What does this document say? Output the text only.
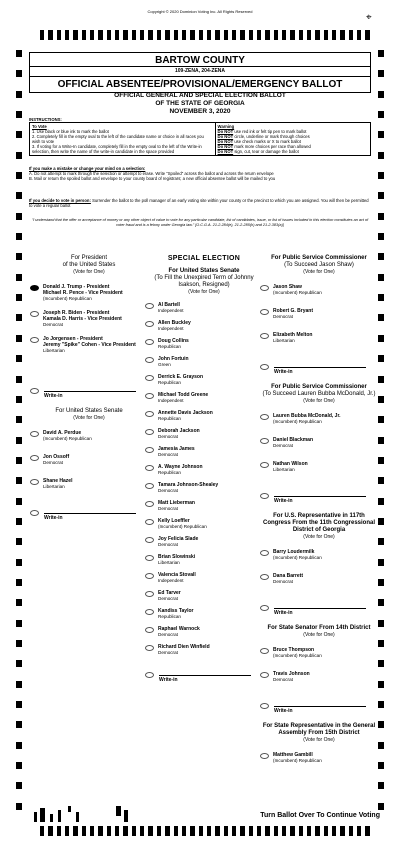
Copyright © 2020 Dominion Voting Inc. All Rights Reserved
⌖
BARTOW COUNTY
109-ZENA, 204-ZENA
OFFICIAL ABSENTEE/PROVISIONAL/EMERGENCY BALLOT
OFFICIAL GENERAL AND SPECIAL ELECTION BALLOT
OF THE STATE OF GEORGIA
NOVEMBER 3, 2020
INSTRUCTIONS:
To Vote
1. Use black or blue ink to mark the ballot
2. Completely fill in the empty oval to the left of the candidate name or choice in all races you wish to vote
3. If voting for a Write-In candidate, completely fill in the empty oval to the left of the Write-in selection, then write the name of the write-in candidate in the space provided
Warning
Do NOT use red ink or felt tip pen to mark ballot
Do NOT circle, underline or mark through choices
Do NOT use check marks or X to mark ballot
Do NOT mark more choices per race than allowed
Do NOT sign, cut, tear or damage the ballot
If you make a mistake or change your mind on a selection:
A. Do not attempt to mark through the selection or attempt to erase. Write "Spoiled" across the ballot and across the return envelope
B. Mail or return the spoiled ballot and envelope to your county board of registrars; a new official absentee ballot will be mailed to you
If you decide to vote in person: Surrender the ballot to the poll manager of an early voting site within your county or the precinct to which you are assigned. You will then be permitted to vote a regular ballot
"I understand that the offer or acceptance of money or any other object of value to vote for any particular candidate, list of candidates, issue, or list of issues included in this election constitutes an act of voter fraud and is a felony under Georgia law." [O.C.G.A. 21-2-284(e), 21-2-285(h) and 21-2-383(a)]
For President
of the United States
(Vote for One)
Donald J. Trump - President
Michael R. Pence - Vice President
(Incumbent) Republican
Joseph R. Biden - President
Kamala D. Harris - Vice President
Democrat
Jo Jorgensen - President
Jeremy "Spike" Cohen - Vice President
Libertarian
Write-in
For United States Senate
(Vote for One)
David A. Perdue
(Incumbent) Republican
Jon Ossoff
Democrat
Shane Hazel
Libertarian
Write-in
SPECIAL ELECTION
For United States Senate
(To Fill the Unexpired Term of Johnny Isakson, Resigned)
(Vote for One)
Al Bartell
Independent
Allen Buckley
Independent
Doug Collins
Republican
John Fortuin
Green
Derrick E. Grayson
Republican
Michael Todd Greene
Independent
Annette Davis Jackson
Republican
Deborah Jackson
Democrat
Jamesia James
Democrat
A. Wayne Johnson
Republican
Tamara Johnson-Shealey
Democrat
Matt Lieberman
Democrat
Kelly Loeffler
(Incumbent) Republican
Joy Felicia Slade
Democrat
Brian Slowinski
Libertarian
Valencia Stovall
Independent
Ed Tarver
Democrat
Kandiss Taylor
Republican
Raphael Warnock
Democrat
Richard Dien Winfield
Democrat
Write-in
For Public Service Commissioner
(To Succeed Jason Shaw)
(Vote for One)
Jason Shaw
(Incumbent) Republican
Robert G. Bryant
Democrat
Elizabeth Melton
Libertarian
Write-in
For Public Service Commissioner
(To Succeed Lauren Bubba McDonald, Jr.)
(Vote for One)
Lauren Bubba McDonald, Jr.
(Incumbent) Republican
Daniel Blackman
Democrat
Nathan Wilson
Libertarian
Write-in
For U.S. Representative in 117th Congress From the 11th Congressional District of Georgia
(Vote for One)
Barry Loudermilk
(Incumbent) Republican
Dana Barrett
Democrat
Write-in
For State Senator From 14th District
(Vote for One)
Bruce Thompson
(Incumbent) Republican
Travis Johnson
Democrat
Write-in
For State Representative in the General Assembly From 15th District
(Vote for One)
Matthew Gambill
(Incumbent) Republican
Turn Ballot Over To Continue Voting
